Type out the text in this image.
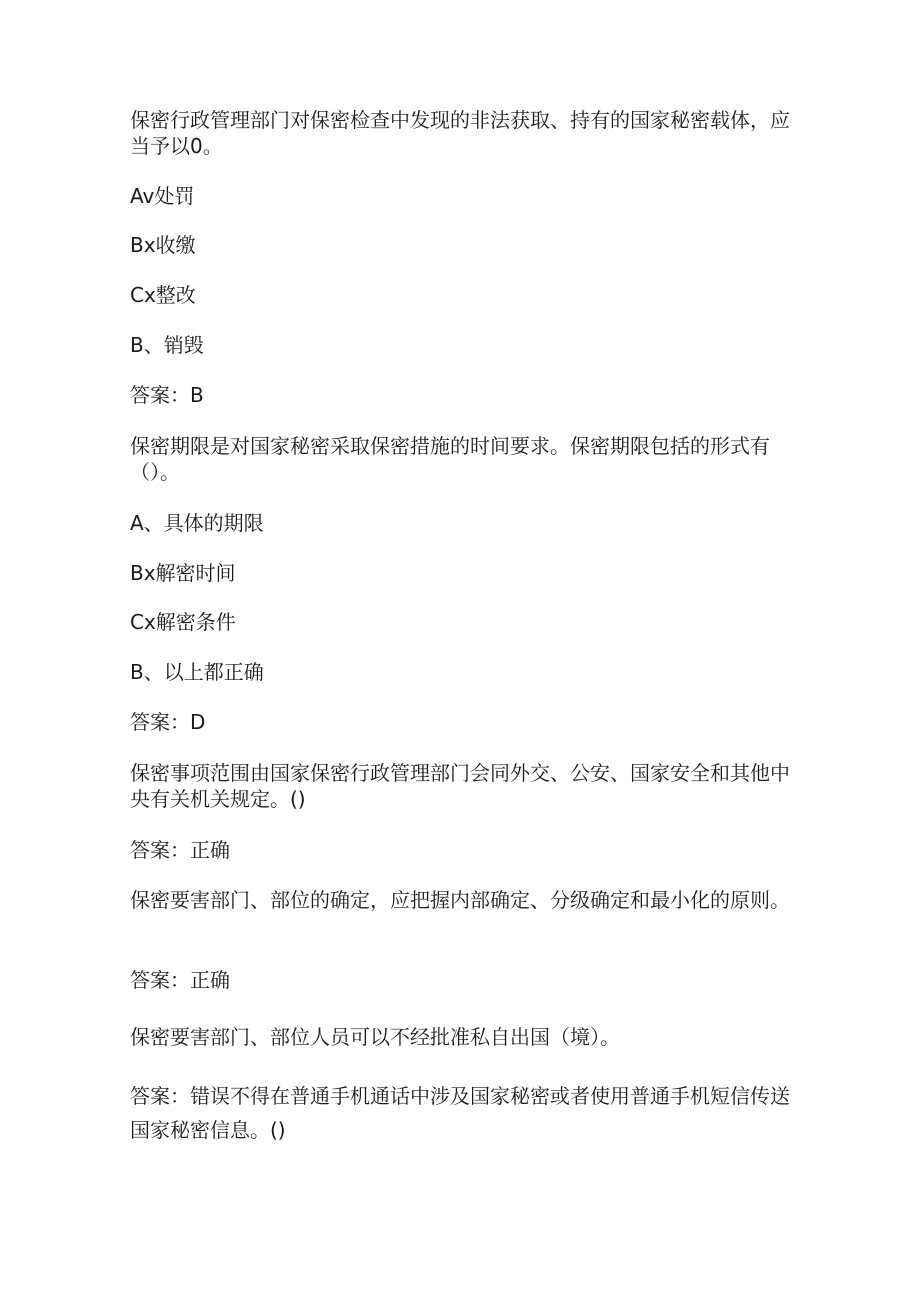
保密行政管理部门对保密检查中发现的非法获取、持有的国家秘密载体，应当予以0。

Av处罚

Bx收缴

Cx整改

B、销毁

答案：B

保密期限是对国家秘密采取保密措施的时间要求。保密期限包括的形式有（）。

A、具体的期限

Bx解密时间

Cx解密条件

B、以上都正确

答案：D

保密事项范围由国家保密行政管理部门会同外交、公安、国家安全和其他中央有关机关规定。()

答案：正确

保密要害部门、部位的确定，应把握内部确定、分级确定和最小化的原则。

答案：正确

保密要害部门、部位人员可以不经批准私自出国（境）。

答案：错误不得在普通手机通话中涉及国家秘密或者使用普通手机短信传送国家秘密信息。()
